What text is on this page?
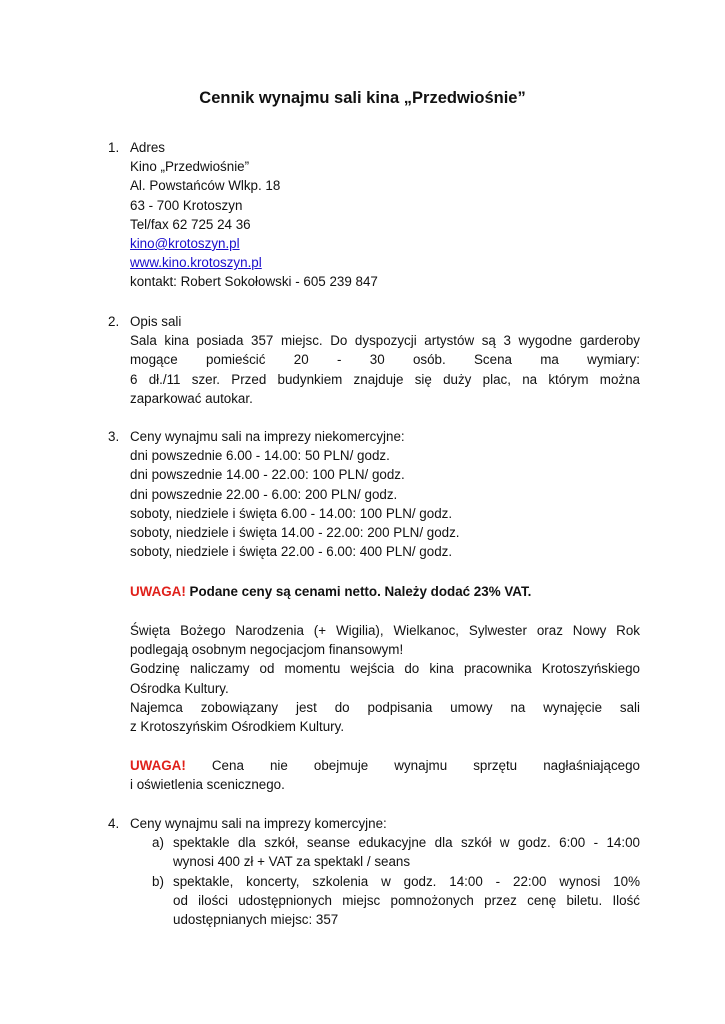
Cennik wynajmu sali kina „Przedwiośnie”
1. Adres
Kino „Przedwiośnie”
Al. Powstańców Wlkp. 18
63 - 700 Krotoszyn
Tel/fax 62 725 24 36
kino@krotoszyn.pl
www.kino.krotoszyn.pl
kontakt: Robert Sokołowski - 605 239 847
2. Opis sali
Sala kina posiada 357 miejsc. Do dyspozycji artystów są 3 wygodne garderoby
mogące pomieścić 20 - 30 osób. Scena ma wymiary:
6 dł./11 szer. Przed budynkiem znajduje się duży plac, na którym można
zaparkować autokar.
3. Ceny wynajmu sali na imprezy niekomercyjne:
dni powszednie 6.00 - 14.00: 50 PLN/ godz.
dni powszednie 14.00 - 22.00: 100 PLN/ godz.
dni powszednie 22.00 - 6.00: 200 PLN/ godz.
soboty, niedziele i święta 6.00 - 14.00: 100 PLN/ godz.
soboty, niedziele i święta 14.00 - 22.00: 200 PLN/ godz.
soboty, niedziele i święta 22.00 - 6.00: 400 PLN/ godz.
UWAGA! Podane ceny są cenami netto. Należy dodać 23% VAT.
Święta Bożego Narodzenia (+ Wigilia), Wielkanoc, Sylwester oraz Nowy Rok
podlegają osobnym negocjacjom finansowym!
Godzinę naliczamy od momentu wejścia do kina pracownika Krotoszyńskiego
Ośrodka Kultury.
Najemca zobowiązany jest do podpisania umowy na wynajęcie sali
z Krotoszyńskim Ośrodkiem Kultury.
UWAGA! Cena nie obejmuje wynajmu sprzętu nagłaśniającego
i oświetlenia scenicznego.
4. Ceny wynajmu sali na imprezy komercyjne:
a) spektakle dla szkół, seanse edukacyjne dla szkół w godz. 6:00 - 14:00
wynosi 400 zł + VAT za spektakl / seans
b) spektakle, koncerty, szkolenia w godz. 14:00 - 22:00 wynosi 10%
od ilości udostępnionych miejsc pomnożonych przez cenę biletu. Ilość
udostępnianych miejsc: 357
